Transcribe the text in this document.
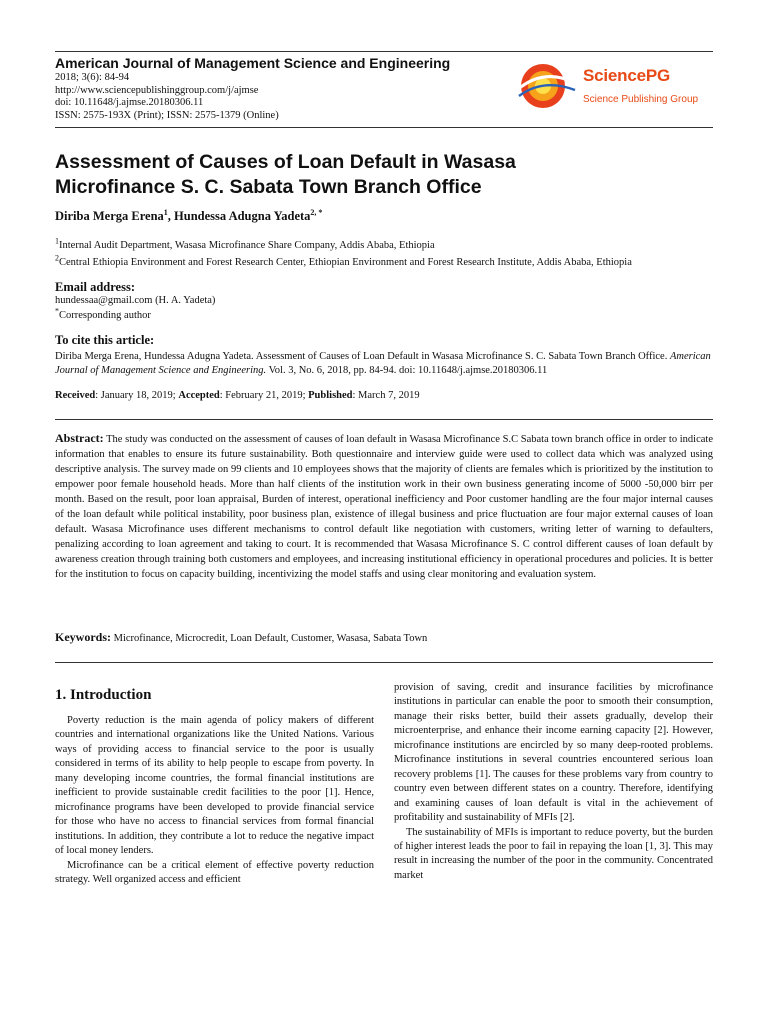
American Journal of Management Science and Engineering
2018; 3(6): 84-94
http://www.sciencepublishinggroup.com/j/ajmse
doi: 10.11648/j.ajmse.20180306.11
ISSN: 2575-193X (Print); ISSN: 2575-1379 (Online)
SciencePG
Science Publishing Group
Assessment of Causes of Loan Default in Wasasa
Microfinance S. C. Sabata Town Branch Office
Diriba Merga Erena$^1$, Hundessa Adugna Yadeta$^{2, *}$
$^1$Internal Audit Department, Wasasa Microfinance Share Company, Addis Ababa, Ethiopia
$^2$Central Ethiopia Environment and Forest Research Center, Ethiopian Environment and Forest Research Institute, Addis Ababa, Ethiopia
Email address:
hundessaa@gmail.com (H. A. Yadeta)
*Corresponding author
To cite this article:
Diriba Merga Erena, Hundessa Adugna Yadeta. Assessment of Causes of Loan Default in Wasasa Microfinance S. C. Sabata Town Branch Office. American Journal of Management Science and Engineering. Vol. 3, No. 6, 2018, pp. 84-94. doi: 10.11648/j.ajmse.20180306.11
Received: January 18, 2019; Accepted: February 21, 2019; Published: March 7, 2019
Abstract: The study was conducted on the assessment of causes of loan default in Wasasa Microfinance S.C Sabata town branch office in order to indicate information that enables to ensure its future sustainability. Both questionnaire and interview guide were used to collect data which was analyzed using descriptive analysis. The survey made on 99 clients and 10 employees shows that the majority of clients are females which is prioritized by the institution to empower poor female household heads. More than half clients of the institution work in their own business generating income of 5000 -50,000 birr per month. Based on the result, poor loan appraisal, Burden of interest, operational inefficiency and Poor customer handling are the four major internal causes of the loan default while political instability, poor business plan, existence of illegal business and price fluctuation are four major external causes of loan default. Wasasa Microfinance uses different mechanisms to control default like negotiation with customers, writing letter of warning to defaulters, penalizing according to loan agreement and taking to court. It is recommended that Wasasa Microfinance S. C control different causes of loan default by awareness creation through training both customers and employees, and increasing institutional efficiency in operational procedures and policies. It is better for the institution to focus on capacity building, incentivizing the model staffs and using clear monitoring and evaluation system.
Keywords: Microfinance, Microcredit, Loan Default, Customer, Wasasa, Sabata Town
1. Introduction

Poverty reduction is the main agenda of policy makers of different countries and international organizations like the United Nations. Various ways of providing access to financial service to the poor is usually considered in terms of its ability to help people to escape from poverty. In many developing income countries, the formal financial institutions are inefficient to provide sustainable credit facilities to the poor [1]. Hence, microfinance programs have been developed to provide financial service for those who have no access to financial services from formal financial institutions. In addition, they contribute a lot to reduce the negative impact of local money lenders.

Microfinance can be a critical element of effective poverty reduction strategy. Well organized access and efficient

provision of saving, credit and insurance facilities by microfinance institutions in particular can enable the poor to smooth their consumption, manage their risks better, build their assets gradually, develop their microenterprise, and enhance their income earning capacity [2]. However, microfinance institutions are encircled by so many deep-rooted problems. Microfinance institutions in several countries encountered serious loan recovery problems [1]. The causes for these problems vary from country to country even between different states on a country. Therefore, identifying and examining causes of loan default is vital in the achievement of profitability and sustainability of MFIs [2].

The sustainability of MFIs is important to reduce poverty, but the burden of higher interest leads the poor to fail in repaying the loan [1, 3]. This may result in increasing the number of the poor in the community. Concentrated market
